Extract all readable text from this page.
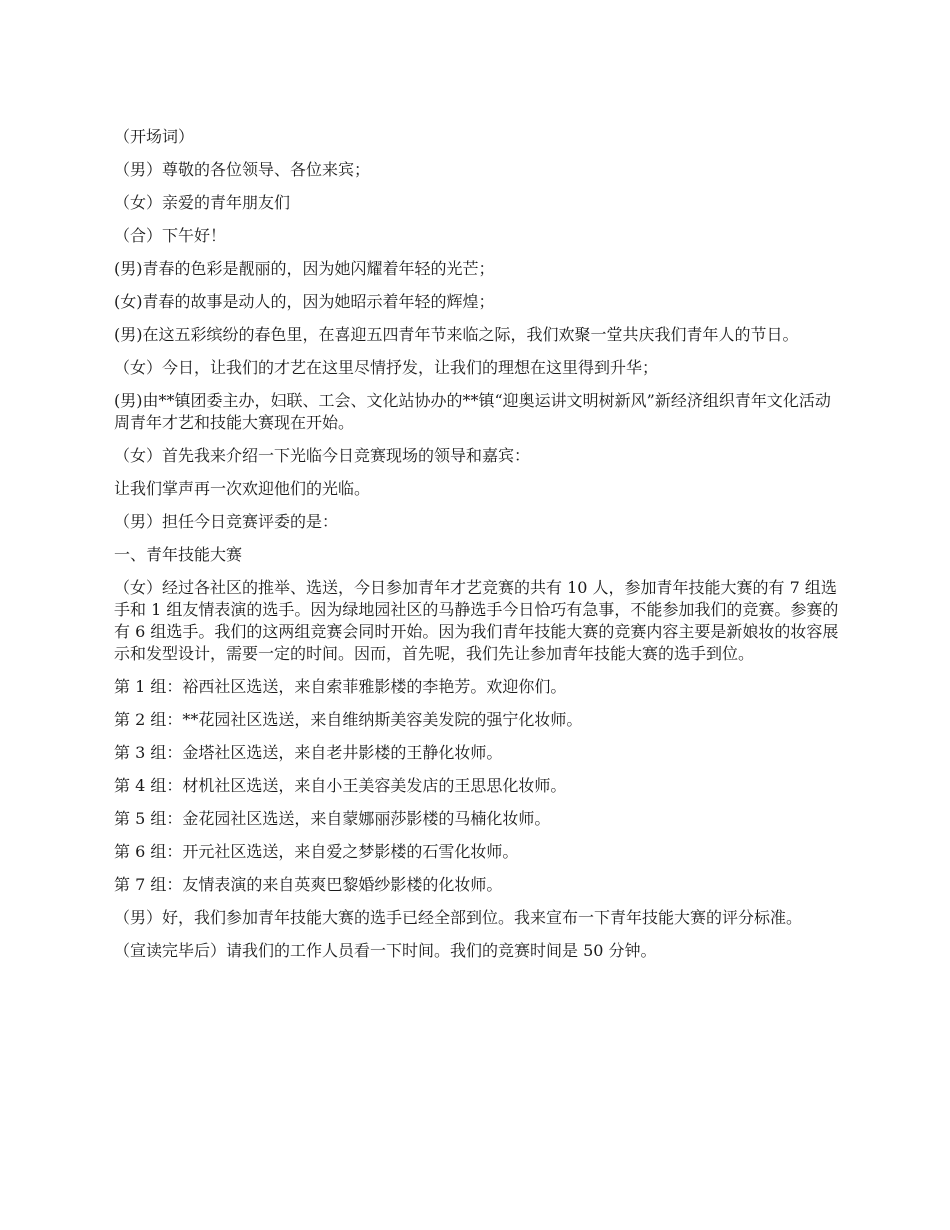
（开场词）

（男）尊敬的各位领导、各位来宾；

（女）亲爱的青年朋友们

（合）下午好！

(男)青春的色彩是靓丽的，因为她闪耀着年轻的光芒；

(女)青春的故事是动人的，因为她昭示着年轻的辉煌；

(男)在这五彩缤纷的春色里，在喜迎五四青年节来临之际，我们欢聚一堂共庆我们青年人的节日。

（女）今日，让我们的才艺在这里尽情抒发，让我们的理想在这里得到升华；

(男)由**镇团委主办，妇联、工会、文化站协办的**镇“迎奥运讲文明树新风”新经济组织青年文化活动周青年才艺和技能大赛现在开始。

（女）首先我来介绍一下光临今日竞赛现场的领导和嘉宾：

让我们掌声再一次欢迎他们的光临。

（男）担任今日竞赛评委的是：

一、青年技能大赛

（女）经过各社区的推举、选送，今日参加青年才艺竞赛的共有 10 人，参加青年技能大赛的有 7 组选手和 1 组友情表演的选手。因为绿地园社区的马静选手今日恰巧有急事，不能参加我们的竞赛。参赛的有 6 组选手。我们的这两组竞赛会同时开始。因为我们青年技能大赛的竞赛内容主要是新娘妆的妆容展示和发型设计，需要一定的时间。因而，首先呢，我们先让参加青年技能大赛的选手到位。

第 1 组：裕西社区选送，来自索菲雅影楼的李艳芳。欢迎你们。

第 2 组：**花园社区选送，来自维纳斯美容美发院的强宁化妆师。

第 3 组：金塔社区选送，来自老井影楼的王静化妆师。

第 4 组：材机社区选送，来自小王美容美发店的王思思化妆师。

第 5 组：金花园社区选送，来自蒙娜丽莎影楼的马楠化妆师。

第 6 组：开元社区选送，来自爱之梦影楼的石雪化妆师。

第 7 组：友情表演的来自英爽巴黎婚纱影楼的化妆师。

（男）好，我们参加青年技能大赛的选手已经全部到位。我来宣布一下青年技能大赛的评分标准。

（宣读完毕后）请我们的工作人员看一下时间。我们的竞赛时间是 50 分钟。
